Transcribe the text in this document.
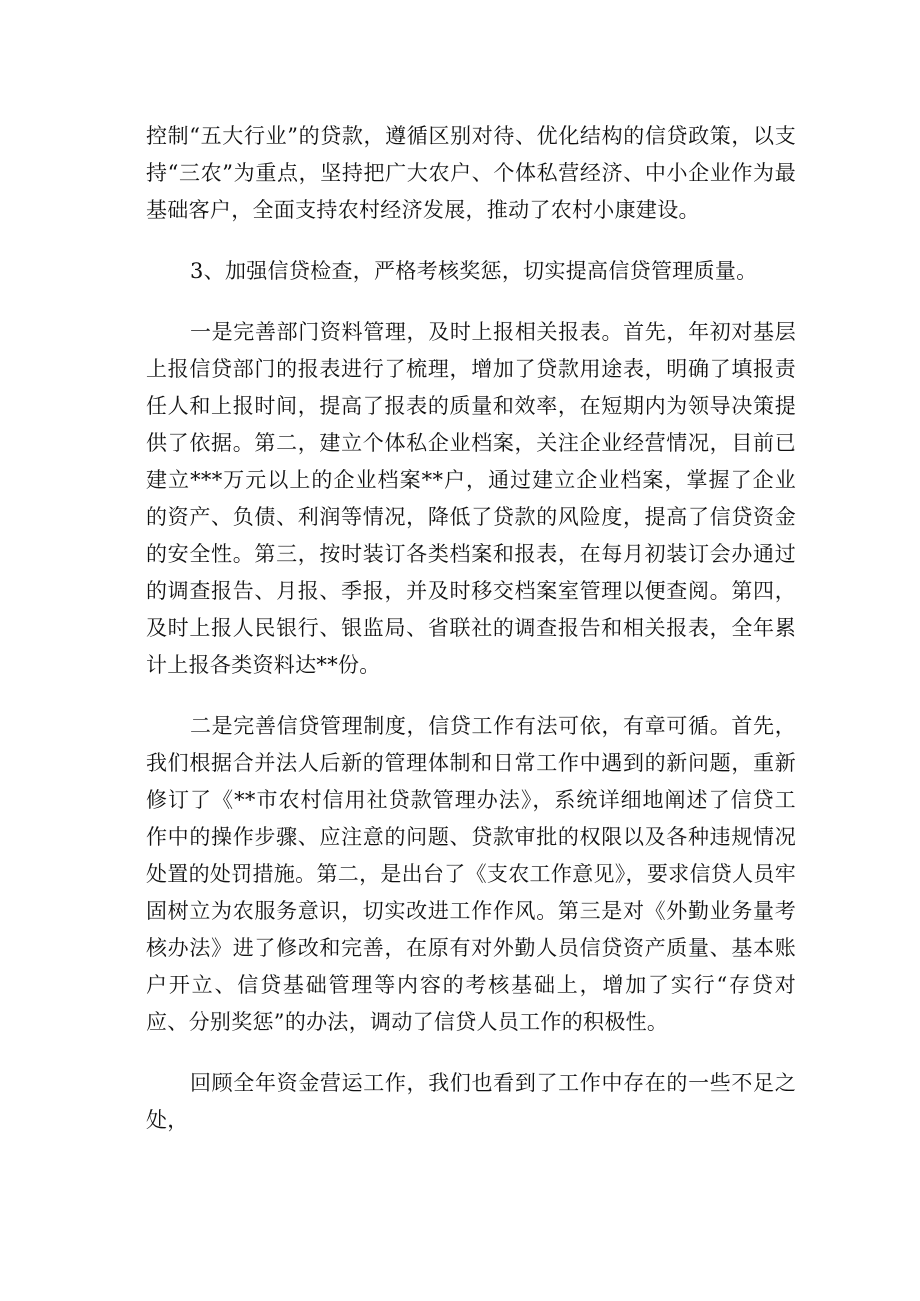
控制“五大行业”的贷款，遵循区别对待、优化结构的信贷政策，以支持“三农”为重点，坚持把广大农户、个体私营经济、中小企业作为最基础客户，全面支持农村经济发展，推动了农村小康建设。

3、加强信贷检查，严格考核奖惩，切实提高信贷管理质量。

一是完善部门资料管理，及时上报相关报表。首先，年初对基层上报信贷部门的报表进行了梳理，增加了贷款用途表，明确了填报责任人和上报时间，提高了报表的质量和效率，在短期内为领导决策提供了依据。第二，建立个体私企业档案，关注企业经营情况，目前已建立***万元以上的企业档案**户，通过建立企业档案，掌握了企业的资产、负债、利润等情况，降低了贷款的风险度，提高了信贷资金的安全性。第三，按时装订各类档案和报表，在每月初装订会办通过的调查报告、月报、季报，并及时移交档案室管理以便查阅。第四，及时上报人民银行、银监局、省联社的调查报告和相关报表，全年累计上报各类资料达**份。

二是完善信贷管理制度，信贷工作有法可依，有章可循。首先，我们根据合并法人后新的管理体制和日常工作中遇到的新问题，重新修订了《**市农村信用社贷款管理办法》，系统详细地阐述了信贷工作中的操作步骤、应注意的问题、贷款审批的权限以及各种违规情况处置的处罚措施。第二，是出台了《支农工作意见》，要求信贷人员牢固树立为农服务意识，切实改进工作作风。第三是对《外勤业务量考核办法》进了修改和完善，在原有对外勤人员信贷资产质量、基本账户开立、信贷基础管理等内容的考核基础上，增加了实行“存贷对应、分别奖惩”的办法，调动了信贷人员工作的积极性。

回顾全年资金营运工作，我们也看到了工作中存在的一些不足之处，
